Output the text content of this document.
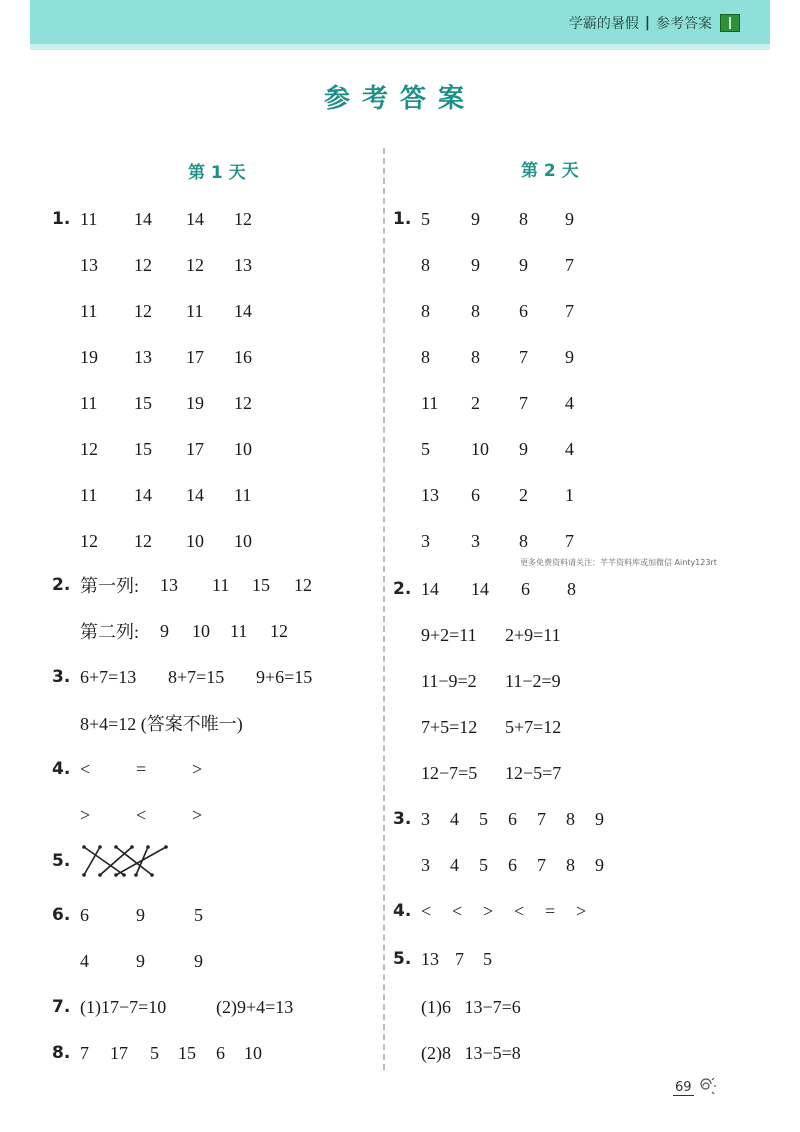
学霸的暑假 | 参考答案
参考答案
第 1 天
1. 11	14	14	12
13	12	12	13
11	12	11	14
19	13	17	16
11	15	19	12
12	15	17	10
11	14	14	11
12	12	10	10
2. 第一列:	13	11	15	12
第二列:	9	10	11	12
3. 6+7=13	8+7=15	9+6=15
8+4=12 (答案不唯一)
4. <	=	>
>	<	>
5.
6. 6	9	5
4	9	9
7. (1)17−7=10	(2)9+4=13
8. 7	17	5	15	6	10
第 2 天
1. 5	9	8	9
8	9	9	7
8	8	6	7
8	8	7	9
11	2	7	4
5	10	9	4
13	6	2	1
3	3	8	7
更多免费资料请关注：芊芊资料库或加微信 Ainty123rt
2. 14	14	6	8
9+2=11	2+9=11
11−9=2	11−2=9
7+5=12	5+7=12
12−7=5	12−5=7
3. 3 4 5 6 7 8 9
3 4 5 6 7 8 9
4. < < > < = >
5. 13 7	5
(1)6   13−7=6
(2)8   13−5=8
69
